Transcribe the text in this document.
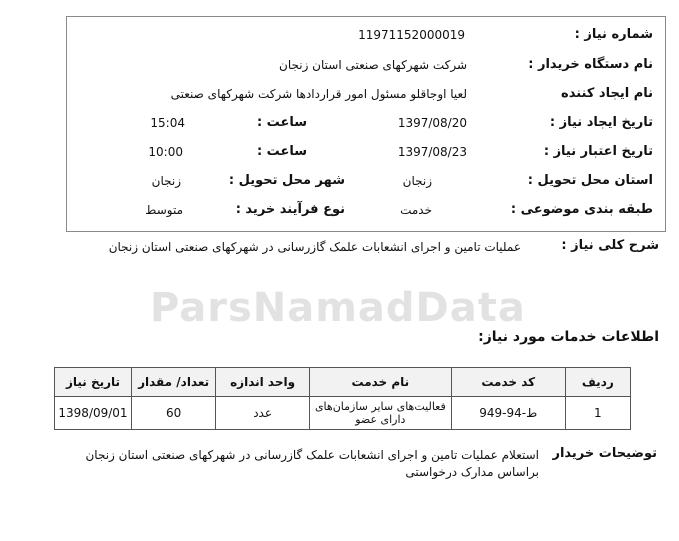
ParsNamadData
شماره نیاز :
11971152000019
نام دستگاه خریدار :
شرکت شهرکهای صنعتی استان زنجان
نام ایجاد کننده
لعیا اوجاقلو مسئول امور قراردادها شرکت شهرکهای صنعتی
تاریخ ایجاد نیاز :
1397/08/20
ساعت :
15:04
تاریخ اعتبار نیاز :
1397/08/23
ساعت :
10:00
استان محل تحویل :
زنجان
شهر محل تحویل :
زنجان
طبقه بندی موضوعی :
خدمت
نوع فرآیند خرید :
متوسط
شرح کلی نیاز :
عملیات تامین و اجرای انشعابات علمک گازرسانی در شهرکهای صنعتی استان زنجان
اطلاعات خدمات مورد نیاز:
ردیف	کد خدمت	نام خدمت	واحد اندازه	تعداد/ مقدار	تاریخ نیاز
1	ط-94-949	فعالیت‌های سایر سازمان‌های دارای عضو	عدد	60	1398/09/01
توضیحات خریدار
استعلام عملیات تامین و اجرای انشعابات علمک گازرسانی در شهرکهای صنعتی استان زنجان
براساس مدارک درخواستی
